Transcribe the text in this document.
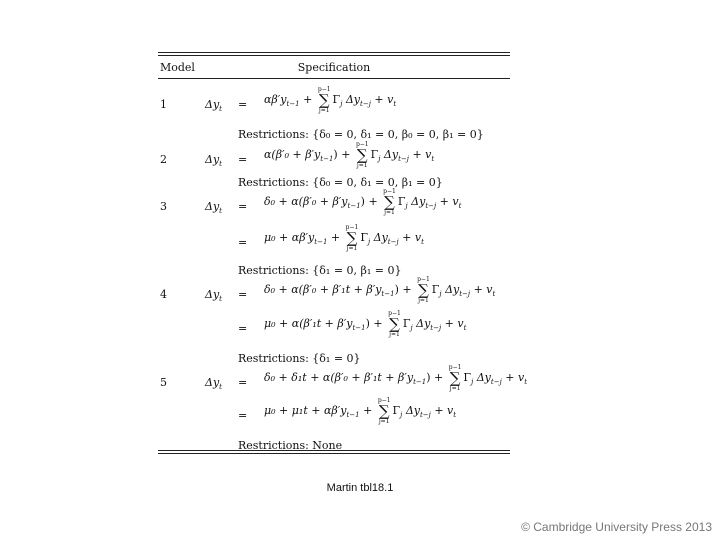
Model	Specification
1	$\Delta y_t = \alpha\beta'y_{t-1}$ +
p−1
∑
j=1
$\Gamma_j$ $\Delta y_{t-j} + v_t$
Restrictions: {δ₀ = 0, δ₁ = 0, β₀ = 0, β₁ = 0}
2	$\Delta y_t = \alpha(\beta'_0 + \beta'y_{t-1})$ +
p−1
∑
j=1
$\Gamma_j$ $\Delta y_{t-j} + v_t$
Restrictions: {δ₀ = 0, δ₁ = 0, β₁ = 0}
3	$\Delta y_t = \delta_0 + \alpha(\beta'_0 + \beta'y_{t-1})$ +
p−1
∑
j=1
$\Gamma_j$ $\Delta y_{t-j} + v_t$
= $\mu_0 + \alpha\beta'y_{t-1}$ +
p−1
∑
j=1
$\Gamma_j$ $\Delta y_{t-j} + v_t$
Restrictions: {δ₁ = 0, β₁ = 0}
4	$\Delta y_t = \delta_0 + \alpha(\beta'_0 + \beta'_1t + \beta'y_{t-1})$ +
p−1
∑
j=1
$\Gamma_j$ $\Delta y_{t-j} + v_t$
= $\mu_0 + \alpha(\beta'_1t + \beta'y_{t-1})$ +
p−1
∑
j=1
$\Gamma_j$ $\Delta y_{t-j} + v_t$
Restrictions: {δ₁ = 0}
5	$\Delta y_t = \delta_0 + \delta_1t + \alpha(\beta'_0 + \beta'_1t + \beta'y_{t-1})$ +
p−1
∑
j=1
$\Gamma_j$ $\Delta y_{t-j} + v_t$
= $\mu_0 + \mu_1t + \alpha\beta'y_{t-1}$ +
p−1
∑
j=1
$\Gamma_j$ $\Delta y_{t-j} + v_t$
Restrictions: None
Martin tbl18.1
© Cambridge University Press 2013
